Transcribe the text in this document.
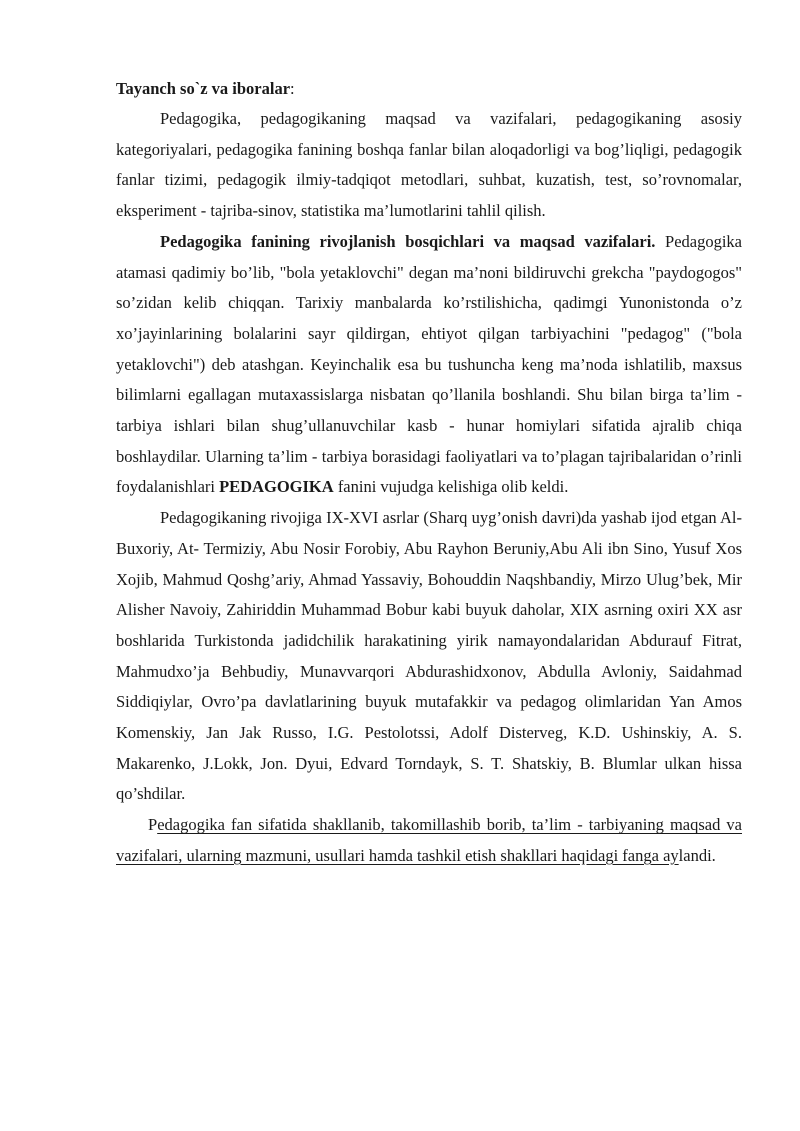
Tayanch so`z va iboralar:

Pedagogika, pedagogikaning maqsad va vazifalari, pedagogikaning asosiy kategoriyalari, pedagogika fanining boshqa fanlar bilan aloqadorligi va bog’liqligi, pedagogik fanlar tizimi, pedagogik ilmiy-tadqiqot metodlari, suhbat, kuzatish, test, so’rovnomalar, eksperiment - tajriba-sinov, statistika ma’lumotlarini tahlil qilish.

Pedagogika fanining rivojlanish bosqichlari va maqsad vazifalari. Pedagogika atamasi qadimiy bo’lib, "bola yetaklovchi" degan ma’noni bildiruvchi grekcha "paydogogos" so’zidan kelib chiqqan. Tarixiy manbalarda ko’rstilishicha, qadimgi Yunonistonda o’z xo’jayinlarining bolalarini sayr qildirgan, ehtiyot qilgan tarbiyachini "pedagog" ("bola yetaklovchi") deb atashgan. Keyinchalik esa bu tushuncha keng ma’noda ishlatilib, maxsus bilimlarni egallagan mutaxassislarga nisbatan qo’llanila boshlandi. Shu bilan birga ta’lim - tarbiya ishlari bilan shug’ullanuvchilar kasb - hunar homiylari sifatida ajralib chiqa boshlaydilar. Ularning ta’lim - tarbiya borasidagi faoliyatlari va to’plagan tajribalaridan o’rinli foydalanishlari PEDAGOGIKA fanini vujudga kelishiga olib keldi.

Pedagogikaning rivojiga IX-XVI asrlar (Sharq uyg’onish davri)da yashab ijod etgan Al-Buxoriy, At- Termiziy, Abu Nosir Forobiy, Abu Rayhon Beruniy,Abu Ali ibn Sino, Yusuf Xos Xojib, Mahmud Qoshg’ariy, Ahmad Yassaviy, Bohouddin Naqshbandiy, Mirzo Ulug’bek, Mir Alisher Navoiy, Zahiriddin Muhammad Bobur kabi buyuk daholar, XIX asrning oxiri XX asr boshlarida Turkistonda jadidchilik harakatining yirik namayondalaridan Abdurauf Fitrat, Mahmudxo’ja Behbudiy, Munavvarqori Abdurashidxonov, Abdulla Avloniy, Saidahmad Siddiqiylar, Ovro’pa davlatlarining buyuk mutafakkir va pedagog olimlaridan Yan Amos Komenskiy, Jan Jak Russo, I.G. Pestolotssi, Adolf Disterveg, K.D. Ushinskiy, A. S. Makarenko, J.Lokk, Jon. Dyui, Edvard Torndayk, S. T. Shatskiy, B. Blumlar ulkan hissa qo’shdilar.

Pedagogika fan sifatida shakllanib, takomillashib borib, ta’lim - tarbiyaning maqsad va vazifalari, ularning mazmuni, usullari hamda tashkil etish shakllari haqidagi fanga aylandi.
